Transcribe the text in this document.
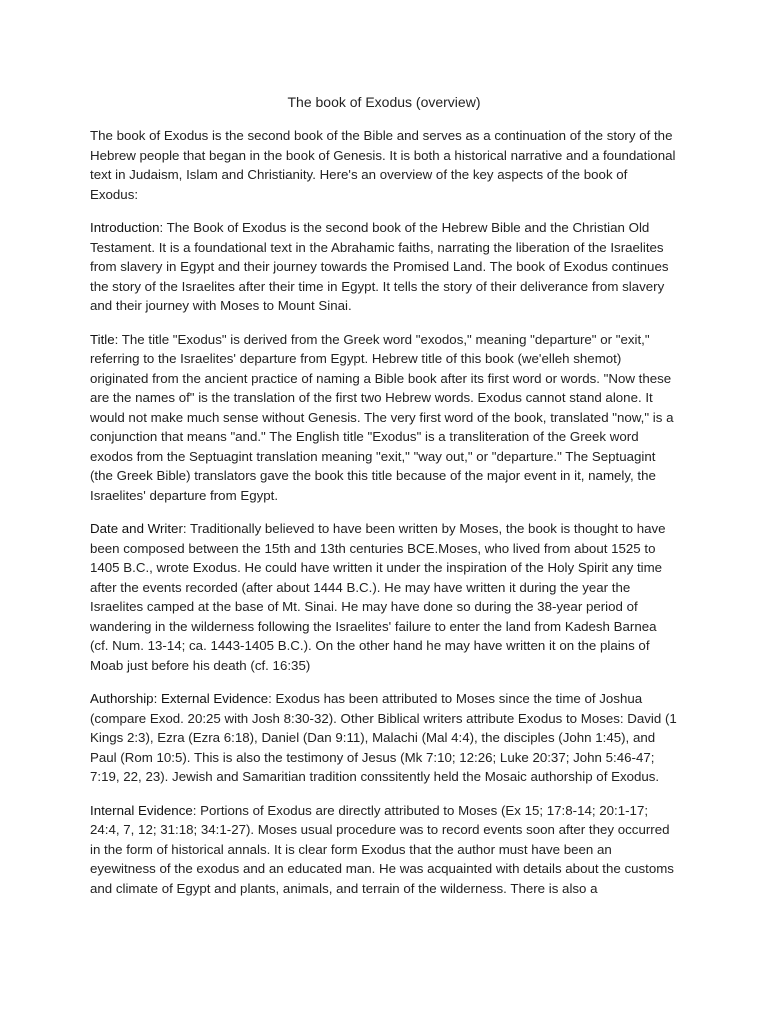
The book of Exodus (overview)

The book of Exodus is the second book of the Bible and serves as a continuation of the story of the Hebrew people that began in the book of Genesis. It is both a historical narrative and a foundational text in Judaism, Islam and Christianity. Here's an overview of the key aspects of the book of Exodus:

Introduction: The Book of Exodus is the second book of the Hebrew Bible and the Christian Old Testament. It is a foundational text in the Abrahamic faiths, narrating the liberation of the Israelites from slavery in Egypt and their journey towards the Promised Land. The book of Exodus continues the story of the Israelites after their time in Egypt. It tells the story of their deliverance from slavery and their journey with Moses to Mount Sinai.

Title: The title "Exodus" is derived from the Greek word "exodos," meaning "departure" or "exit," referring to the Israelites' departure from Egypt. Hebrew title of this book (we'elleh shemot) originated from the ancient practice of naming a Bible book after its first word or words. "Now these are the names of" is the translation of the first two Hebrew words. Exodus cannot stand alone. It would not make much sense without Genesis. The very first word of the book, translated "now," is a conjunction that means "and." The English title "Exodus" is a transliteration of the Greek word exodos from the Septuagint translation meaning "exit," "way out," or "departure." The Septuagint (the Greek Bible) translators gave the book this title because of the major event in it, namely, the Israelites' departure from Egypt.

Date and Writer: Traditionally believed to have been written by Moses, the book is thought to have been composed between the 15th and 13th centuries BCE.Moses, who lived from about 1525 to 1405 B.C., wrote Exodus. He could have written it under the inspiration of the Holy Spirit any time after the events recorded (after about 1444 B.C.). He may have written it during the year the Israelites camped at the base of Mt. Sinai. He may have done so during the 38-year period of wandering in the wilderness following the Israelites' failure to enter the land from Kadesh Barnea (cf. Num. 13-14; ca. 1443-1405 B.C.). On the other hand he may have written it on the plains of Moab just before his death (cf. 16:35)

Authorship: External Evidence: Exodus has been attributed to Moses since the time of Joshua (compare Exod. 20:25 with Josh 8:30-32). Other Biblical writers attribute Exodus to Moses: David (1 Kings 2:3), Ezra (Ezra 6:18), Daniel (Dan 9:11), Malachi (Mal 4:4), the disciples (John 1:45), and Paul (Rom 10:5). This is also the testimony of Jesus (Mk 7:10; 12:26; Luke 20:37; John 5:46-47; 7:19, 22, 23). Jewish and Samaritian tradition conssitently held the Mosaic authorship of Exodus.

Internal Evidence: Portions of Exodus are directly attributed to Moses (Ex 15; 17:8-14; 20:1-17; 24:4, 7, 12; 31:18; 34:1-27). Moses usual procedure was to record events soon after they occurred in the form of historical annals. It is clear form Exodus that the author must have been an eyewitness of the exodus and an educated man. He was acquainted with details about the customs and climate of Egypt and plants, animals, and terrain of the wilderness. There is also a
